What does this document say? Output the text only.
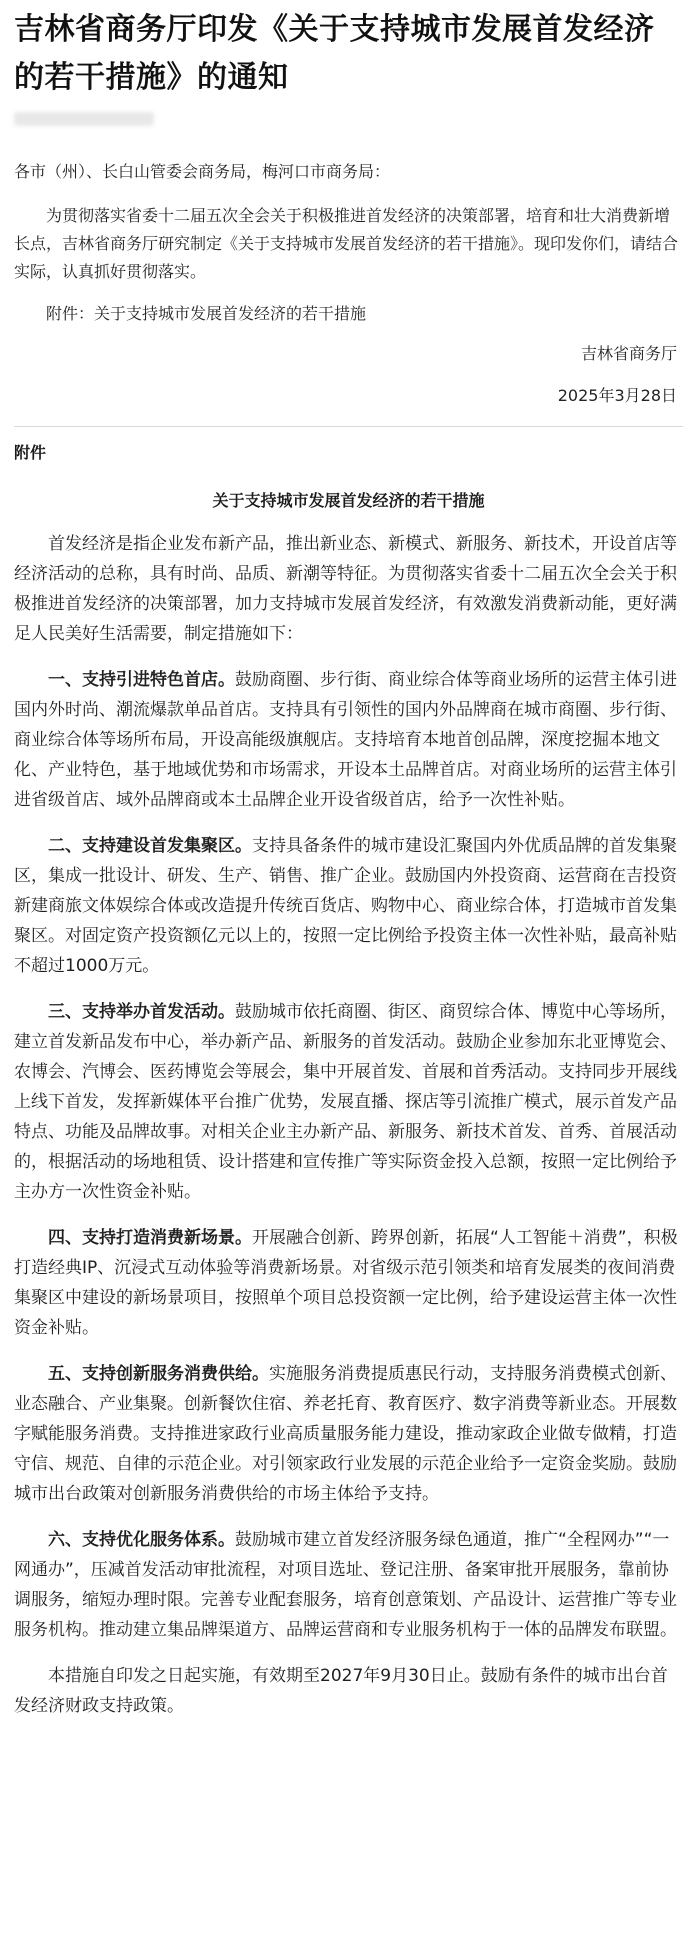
吉林省商务厅印发《关于支持城市发展首发经济的若干措施》的通知

各市（州）、长白山管委会商务局，梅河口市商务局：

为贯彻落实省委十二届五次全会关于积极推进首发经济的决策部署，培育和壮大消费新增长点，吉林省商务厅研究制定《关于支持城市发展首发经济的若干措施》。现印发你们，请结合实际，认真抓好贯彻落实。

附件：关于支持城市发展首发经济的若干措施

吉林省商务厅

2025年3月28日

附件
关于支持城市发展首发经济的若干措施

首发经济是指企业发布新产品，推出新业态、新模式、新服务、新技术，开设首店等经济活动的总称，具有时尚、品质、新潮等特征。为贯彻落实省委十二届五次全会关于积极推进首发经济的决策部署，加力支持城市发展首发经济，有效激发消费新动能，更好满足人民美好生活需要，制定措施如下：

一、支持引进特色首店。鼓励商圈、步行街、商业综合体等商业场所的运营主体引进国内外时尚、潮流爆款单品首店。支持具有引领性的国内外品牌商在城市商圈、步行街、商业综合体等场所布局，开设高能级旗舰店。支持培育本地首创品牌，深度挖掘本地文化、产业特色，基于地域优势和市场需求，开设本土品牌首店。对商业场所的运营主体引进省级首店、域外品牌商或本土品牌企业开设省级首店，给予一次性补贴。

二、支持建设首发集聚区。支持具备条件的城市建设汇聚国内外优质品牌的首发集聚区，集成一批设计、研发、生产、销售、推广企业。鼓励国内外投资商、运营商在吉投资新建商旅文体娱综合体或改造提升传统百货店、购物中心、商业综合体，打造城市首发集聚区。对固定资产投资额亿元以上的，按照一定比例给予投资主体一次性补贴，最高补贴不超过1000万元。

三、支持举办首发活动。鼓励城市依托商圈、街区、商贸综合体、博览中心等场所，建立首发新品发布中心，举办新产品、新服务的首发活动。鼓励企业参加东北亚博览会、农博会、汽博会、医药博览会等展会，集中开展首发、首展和首秀活动。支持同步开展线上线下首发，发挥新媒体平台推广优势，发展直播、探店等引流推广模式，展示首发产品特点、功能及品牌故事。对相关企业主办新产品、新服务、新技术首发、首秀、首展活动的，根据活动的场地租赁、设计搭建和宣传推广等实际资金投入总额，按照一定比例给予主办方一次性资金补贴。

四、支持打造消费新场景。开展融合创新、跨界创新，拓展“人工智能＋消费”，积极打造经典IP、沉浸式互动体验等消费新场景。对省级示范引领类和培育发展类的夜间消费集聚区中建设的新场景项目，按照单个项目总投资额一定比例，给予建设运营主体一次性资金补贴。

五、支持创新服务消费供给。实施服务消费提质惠民行动，支持服务消费模式创新、业态融合、产业集聚。创新餐饮住宿、养老托育、教育医疗、数字消费等新业态。开展数字赋能服务消费。支持推进家政行业高质量服务能力建设，推动家政企业做专做精，打造守信、规范、自律的示范企业。对引领家政行业发展的示范企业给予一定资金奖励。鼓励城市出台政策对创新服务消费供给的市场主体给予支持。

六、支持优化服务体系。鼓励城市建立首发经济服务绿色通道，推广“全程网办”“一网通办”，压减首发活动审批流程，对项目选址、登记注册、备案审批开展服务，靠前协调服务，缩短办理时限。完善专业配套服务，培育创意策划、产品设计、运营推广等专业服务机构。推动建立集品牌渠道方、品牌运营商和专业服务机构于一体的品牌发布联盟。

本措施自印发之日起实施，有效期至2027年9月30日止。鼓励有条件的城市出台首发经济财政支持政策。
